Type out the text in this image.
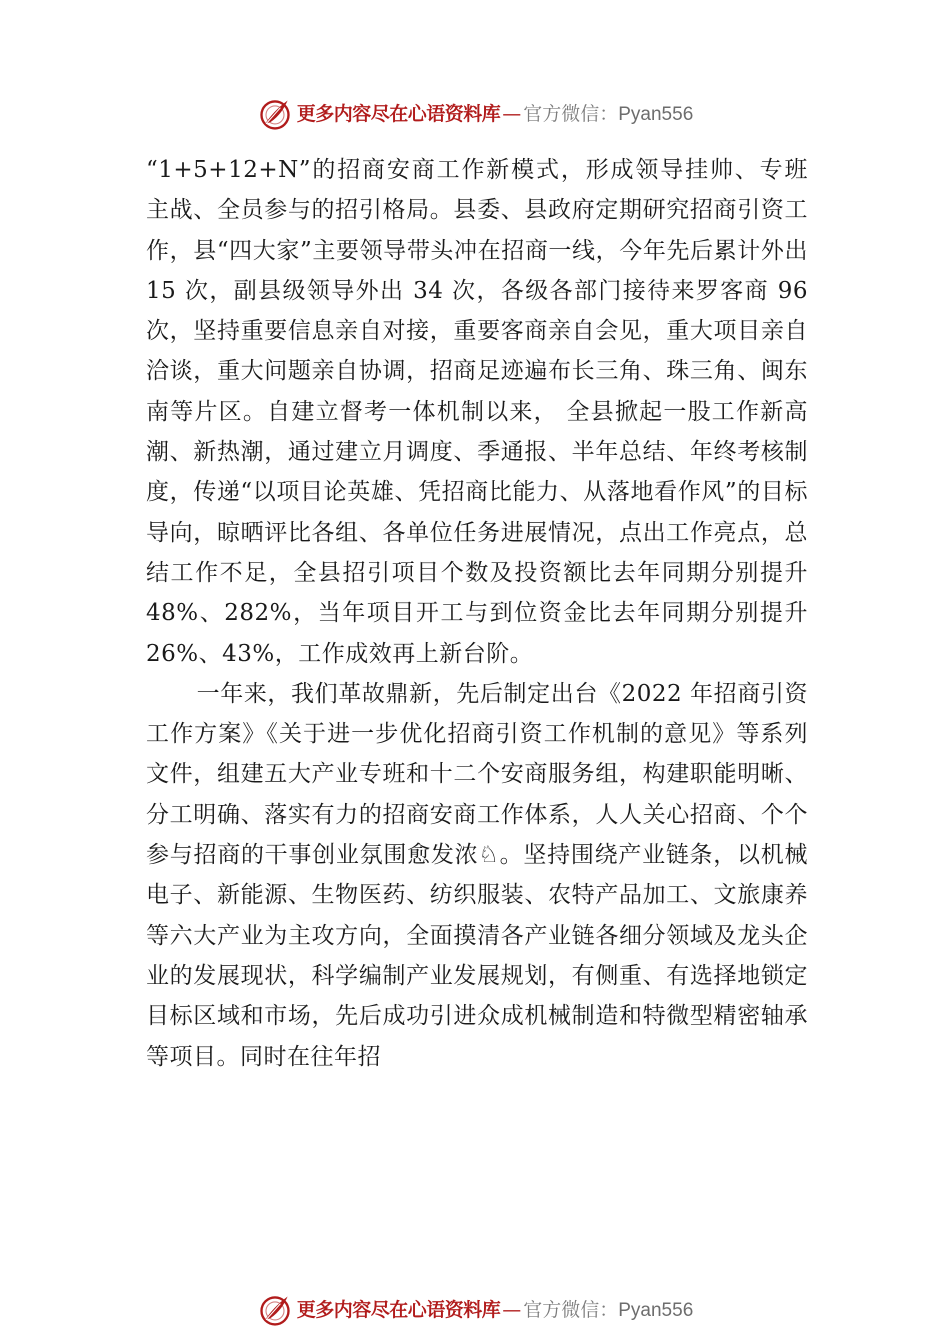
更多内容尽在心语资料库 — 官方微信： Pyan556

“1+5+12+N”的招商安商工作新模式，形成领导挂帅、专班 主战、全员参与的招引格局。县委、县政府定期研究招商引资工作，县“四大家”主要领导带头冲在招商一线，今年先后累计外出 15 次，副县级领导外出 34 次，各级各部门接待来罗客商 96 次，坚持重要信息亲自对接，重要客商亲自会见，重大项目亲自洽谈，重大问题亲自协调，招商足迹遍布长三角、珠三角、闽东南等片区。自建立督考一体机制以来， 全县掀起一股工作新高潮、新热潮，通过建立月调度、季通报、半年总结、年终考核制度，传递“以项目论英雄、凭招商比能力、从落地看作风”的目标导向，晾晒评比各组、各单位任务进展情况，点出工作亮点，总结工作不足，全县招引项目个数及投资额比去年同期分别提升 48%、282%，当年项目开工与到位资金比去年同期分别提升 26%、43%，工作成效再上新台阶。

一年来，我们革故鼎新，先后制定出台《2022 年招商引资工作方案》《关于进一步优化招商引资工作机制的意见》等系列文件，组建五大产业专班和十二个安商服务组，构建职能明晰、分工明确、落实有力的招商安商工作体系，人人关心招商、个个参与招商的干事创业氛围愈发浓♘。坚持围绕产业链条，以机械电子、新能源、生物医药、纺织服装、农特产品加工、文旅康养等六大产业为主攻方向，全面摸清各产业链各细分领域及龙头企业的发展现状，科学编制产业发展规划，有侧重、有选择地锁定目标区域和市场，先后成功引进众成机械制造和特微型精密轴承等项目。同时在往年招

更多内容尽在心语资料库 — 官方微信： Pyan556
